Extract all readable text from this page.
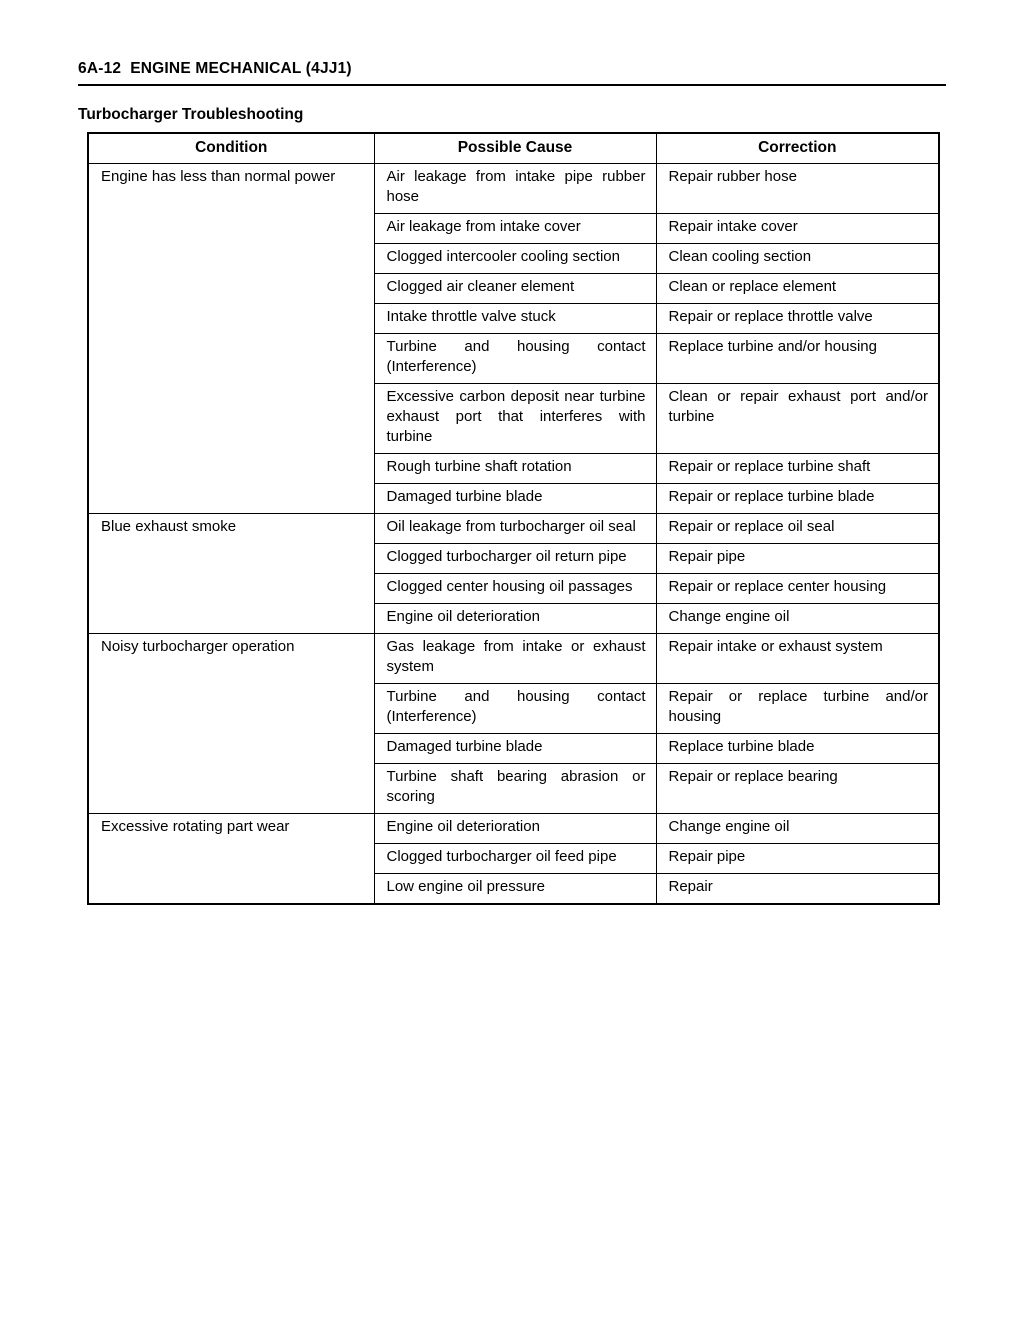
6A-12  ENGINE MECHANICAL (4JJ1)
Turbocharger Troubleshooting
Condition	Possible Cause	Correction
Engine has less than normal power	Air leakage from intake pipe rubber hose	Repair rubber hose
	Air leakage from intake cover	Repair intake cover
	Clogged intercooler cooling section	Clean cooling section
	Clogged air cleaner element	Clean or replace element
	Intake throttle valve stuck	Repair or replace throttle valve
	Turbine and housing contact (Interference)	Replace turbine and/or housing
	Excessive carbon deposit near turbine exhaust port that interferes with turbine	Clean or repair exhaust port and/or turbine
	Rough turbine shaft rotation	Repair or replace turbine shaft
	Damaged turbine blade	Repair or replace turbine blade
Blue exhaust smoke	Oil leakage from turbocharger oil seal	Repair or replace oil seal
	Clogged turbocharger oil return pipe	Repair pipe
	Clogged center housing oil passages	Repair or replace center housing
	Engine oil deterioration	Change engine oil
Noisy turbocharger operation	Gas leakage from intake or exhaust system	Repair intake or exhaust system
	Turbine and housing contact (Interference)	Repair or replace turbine and/or housing
	Damaged turbine blade	Replace turbine blade
	Turbine shaft bearing abrasion or scoring	Repair or replace bearing
Excessive rotating part wear	Engine oil deterioration	Change engine oil
	Clogged turbocharger oil feed pipe	Repair pipe
	Low engine oil pressure	Repair
